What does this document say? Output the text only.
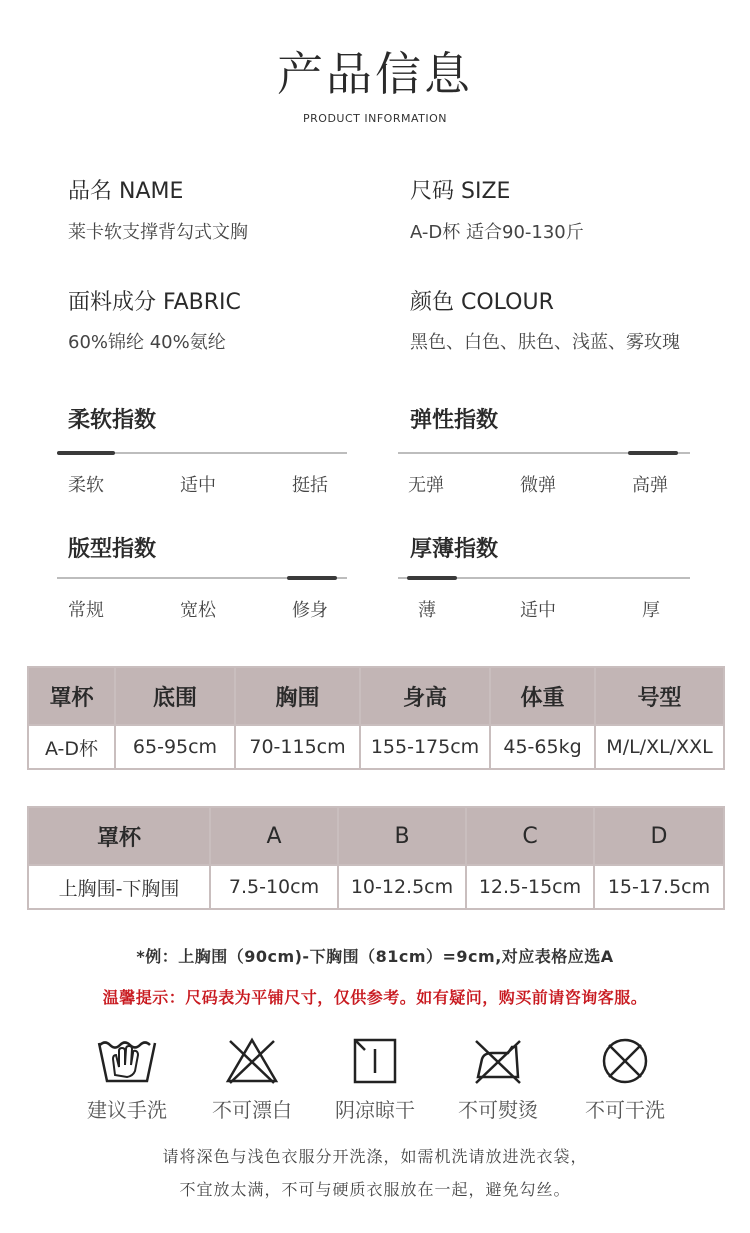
产品信息
PRODUCT INFORMATION
品名 NAME
莱卡软支撑背勾式文胸
尺码 SIZE
A-D杯 适合90-130斤
面料成分 FABRIC
60%锦纶 40%氨纶
颜色 COLOUR
黑色、白色、肤色、浅蓝、雾玫瑰
柔软指数
柔软	适中	挺括
弹性指数
无弹	微弹	高弹
版型指数
常规	宽松	修身
厚薄指数
薄	适中	厚
罩杯	底围	胸围	身高	体重	号型
A-D杯	65-95cm	70-115cm	155-175cm	45-65kg	M/L/XL/XXL
罩杯	A	B	C	D
上胸围-下胸围	7.5-10cm	10-12.5cm	12.5-15cm	15-17.5cm
*例：上胸围（90cm)-下胸围（81cm）=9cm,对应表格应选A
温馨提示：尺码表为平铺尺寸，仅供参考。如有疑问，购买前请咨询客服。
建议手洗	不可漂白	阴凉晾干	不可熨烫	不可干洗
请将深色与浅色衣服分开洗涤，如需机洗请放进洗衣袋，
不宜放太满，不可与硬质衣服放在一起，避免勾丝。
